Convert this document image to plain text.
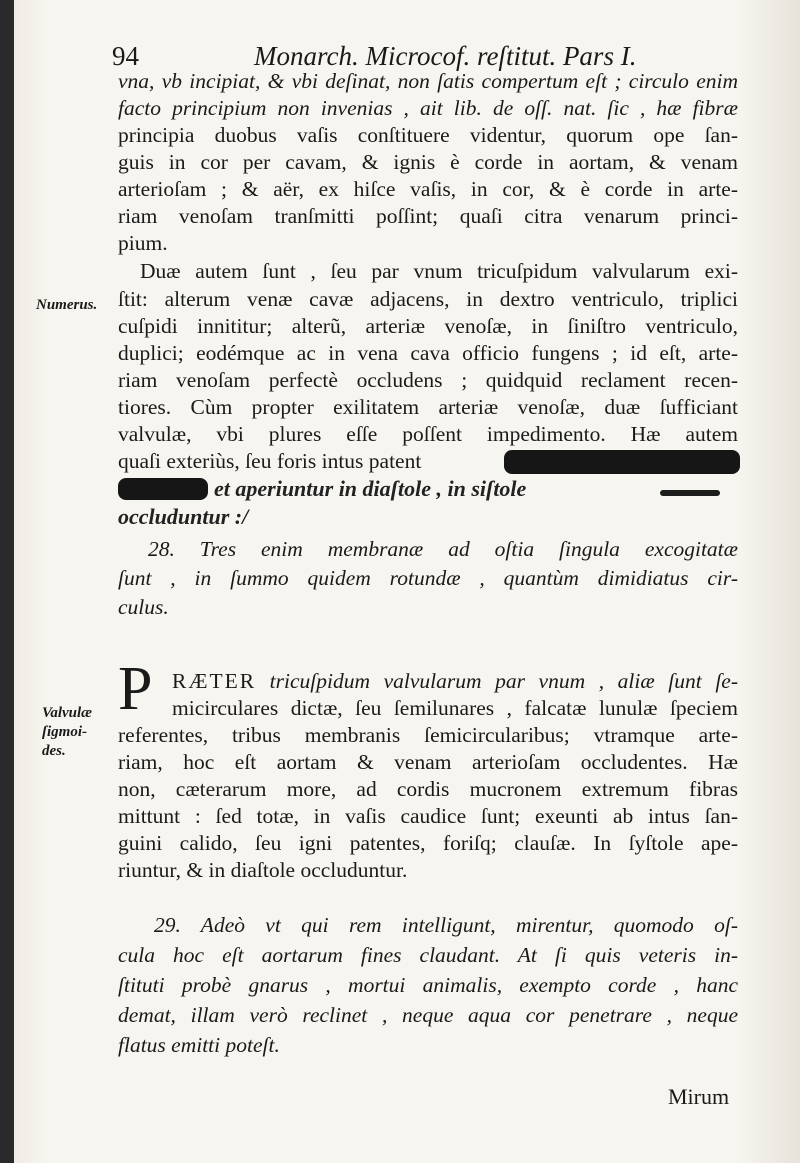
94	Monarch. Microcof. reſtitut. Pars I.
vna, vb incipiat, & vbi deſinat, non ſatis compertum eſt ; circulo enim
facto principium non invenias , ait lib. de oſſ. nat. ſic , hæ fibræ
principia duobus vaſis conſtituere videntur, quorum ope ſan-
guis in cor per cavam, & ignis è corde in aortam, & venam
arterioſam ; & aër, ex hiſce vaſis, in cor, & è corde in arte-
riam venoſam tranſmitti poſſint; quaſi citra venarum princi-
pium.
Numerus.
Duæ autem ſunt , ſeu par vnum tricuſpidum valvularum exi-
ſtit: alterum venæ cavæ adjacens, in dextro ventriculo, triplici
cuſpidi innititur; alterũ, arteriæ venoſæ, in ſiniſtro ventriculo,
duplici; eodémque ac in vena cava officio fungens ; id eſt, arte-
riam venoſam perfectè occludens ; quidquid reclament recen-
tiores. Cùm propter exilitatem arteriæ venoſæ, duæ ſufficiant
valvulæ, vbi plures eſſe poſſent impedimento. Hæ autem
quaſi exteriùs, ſeu foris intus patent
et aperiuntur in diaſtole , in siſtole
occluduntur :/
28. Tres enim membranæ ad oſtia ſingula excogitatæ
ſunt , in ſummo quidem rotundæ , quantùm dimidiatus cir-
culus.
P
Valvulæ
ſigmoi-
des.
RÆTER tricuſpidum valvularum par vnum , aliæ ſunt ſe-
micirculares dictæ, ſeu ſemilunares , falcatæ lunulæ ſpeciem
referentes, tribus membranis ſemicircularibus; vtramque arte-
riam, hoc eſt aortam & venam arterioſam occludentes. Hæ
non, cæterarum more, ad cordis mucronem extremum fibras
mittunt : ſed totæ, in vaſis caudice ſunt; exeunti ab intus ſan-
guini calido, ſeu igni patentes, foriſq; clauſæ. In ſyſtole ape-
riuntur, & in diaſtole occluduntur.
29. Adeò vt qui rem intelligunt, mirentur, quomodo oſ-
cula hoc eſt aortarum fines claudant. At ſi quis veteris in-
ſtituti probè gnarus , mortui animalis, exempto corde , hanc
demat, illam verò reclinet , neque aqua cor penetrare , neque
flatus emitti poteſt.
Mirum
